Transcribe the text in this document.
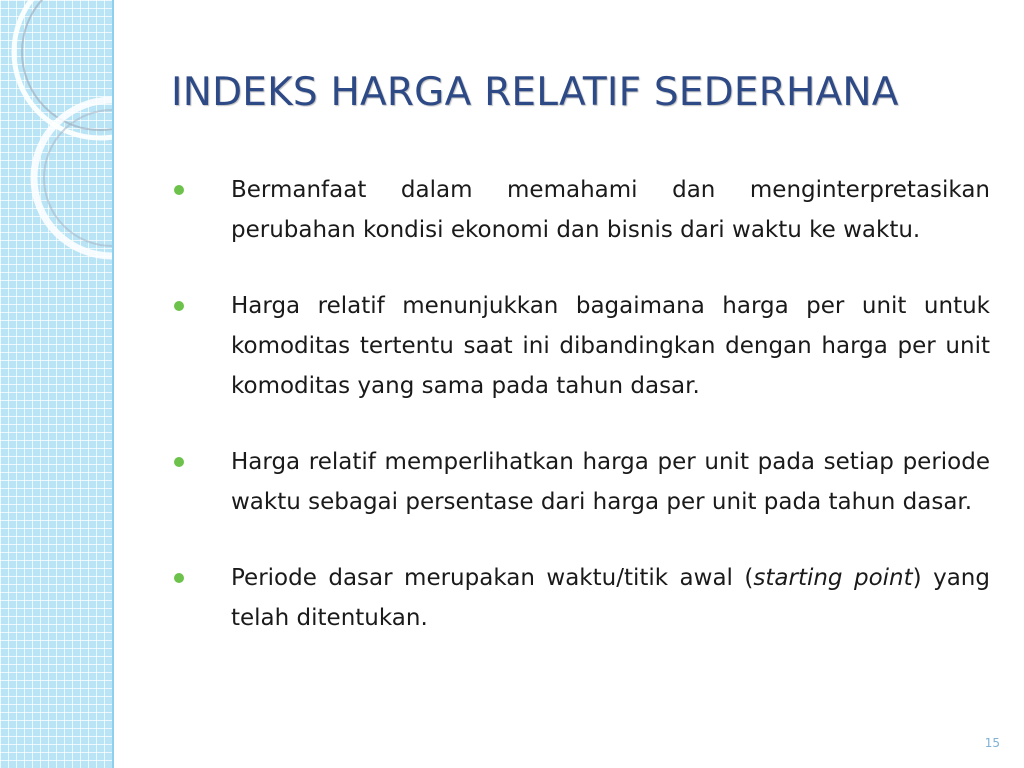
INDEKS HARGA RELATIF SEDERHANA
Bermanfaat dalam memahami dan menginterpretasikan perubahan kondisi ekonomi dan bisnis dari waktu ke waktu.
Harga relatif menunjukkan bagaimana harga per unit untuk komoditas tertentu saat ini dibandingkan dengan harga per unit komoditas yang sama pada tahun dasar.
Harga relatif memperlihatkan harga per unit pada setiap periode waktu sebagai persentase dari harga per unit pada tahun dasar.
Periode dasar merupakan waktu/titik awal (starting point) yang telah ditentukan.
15
